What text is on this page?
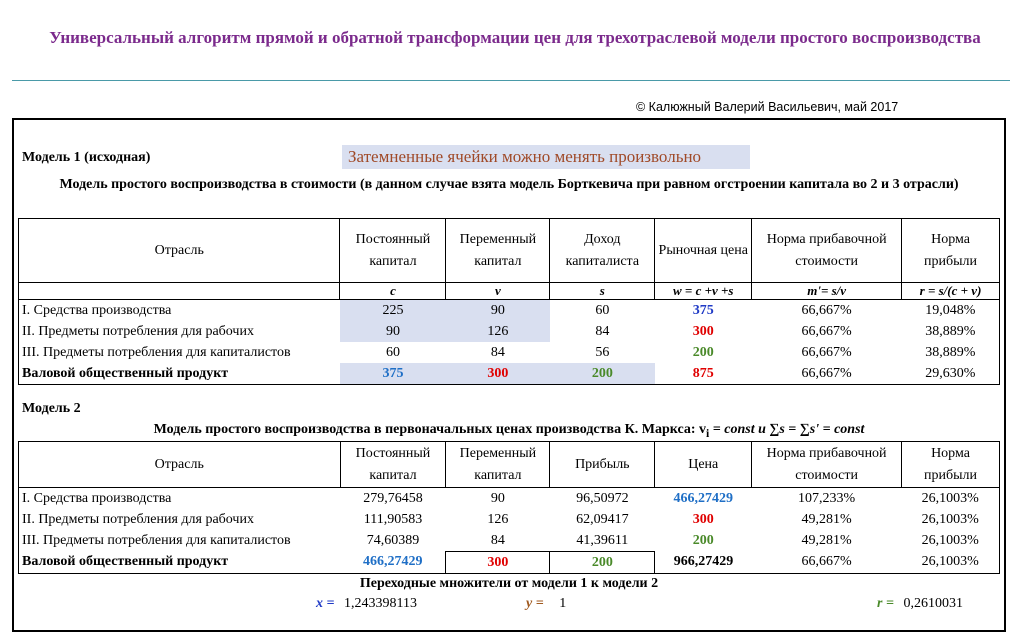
Универсальный алгоритм прямой и обратной трансформации цен для трехотраслевой модели простого воспроизводства
© Калюжный Валерий Васильевич, май 2017
Модель 1 (исходная)	Затемненные ячейки можно менять произвольно
Модель простого воспроизводства в стоимости (в данном случае взята модель Борткевича при равном огстроении капитала во 2 и 3 отрасли)
Отрасль	Постоянный капитал	Переменный капитал	Доход капиталиста	Рыночная цена	Норма прибавочной стоимости	Норма прибыли
	c	v	s	w = c +v +s	m'= s/v	r = s/(c + v)
I. Средства производства	225	90	60	375	66,667%	19,048%
II. Предметы потребления для рабочих	90	126	84	300	66,667%	38,889%
III. Предметы потребления для капиталистов	60	84	56	200	66,667%	38,889%
Валовой общественный продукт	375	300	200	875	66,667%	29,630%
Модель 2
Модель простого воспроизводства в первоначальных ценах производства К. Маркса: $v_i$ = const и ∑s = ∑s' = const
Отрасль	Постоянный капитал	Переменный капитал	Прибыль	Цена	Норма прибавочной стоимости	Норма прибыли
I. Средства производства	279,76458	90	96,50972	466,27429	107,233%	26,1003%
II. Предметы потребления для рабочих	111,90583	126	62,09417	300	49,281%	26,1003%
III. Предметы потребления для капиталистов	74,60389	84	41,39611	200	49,281%	26,1003%
Валовой общественный продукт	466,27429	300	200	966,27429	66,667%	26,1003%
Переходные множители от модели 1 к модели 2
x = 1,243398113	y = 1	r = 0,2610031
